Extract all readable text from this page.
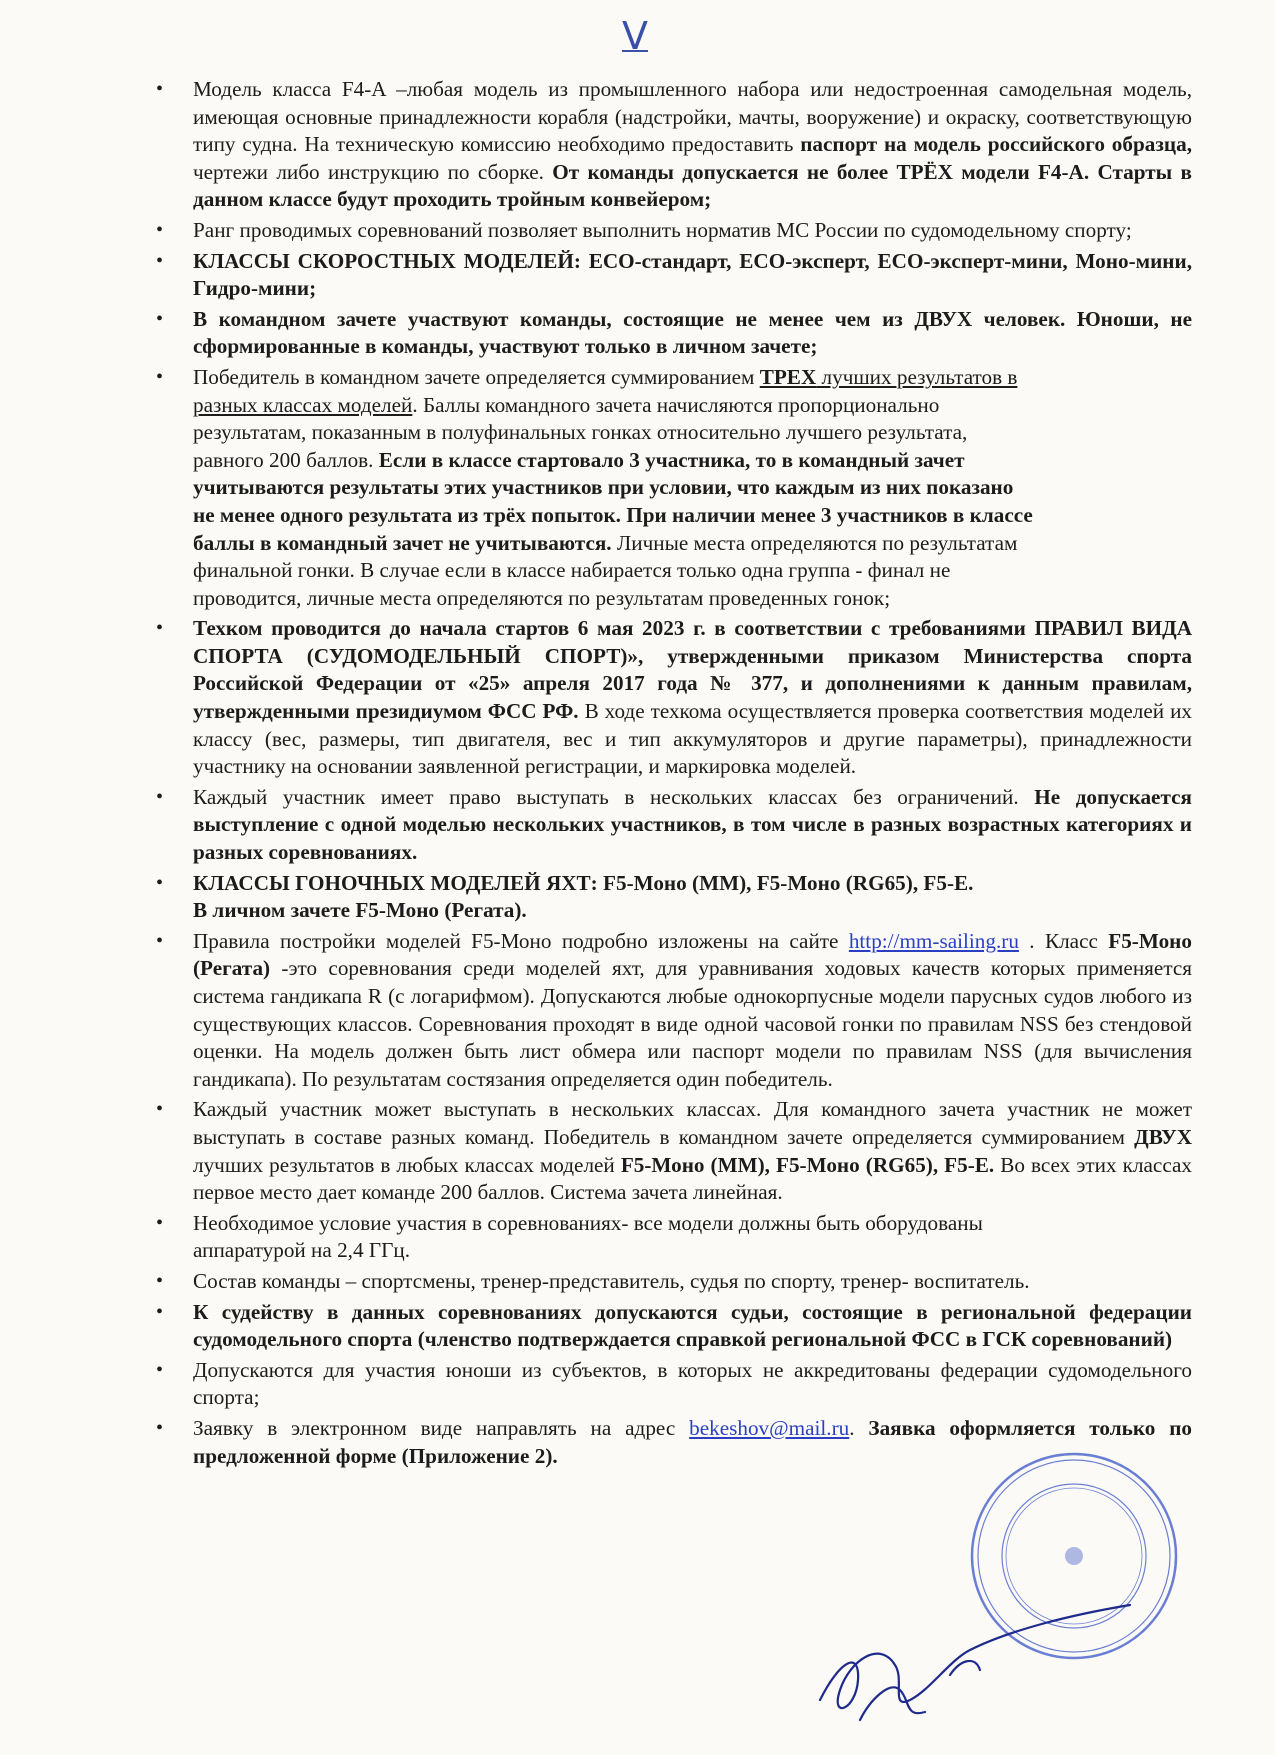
V
• Модель класса F4-A –любая модель из промышленного набора или недостроенная самодельная модель, имеющая основные принадлежности корабля (надстройки, мачты, вооружение) и окраску, соответствующую типу судна. На техническую комиссию необходимо предоставить паспорт на модель российского образца, чертежи либо инструкцию по сборке. От команды допускается не более ТРЁХ модели F4-A. Старты в данном классе будут проходить тройным конвейером;
• Ранг проводимых соревнований позволяет выполнить норматив МС России по судомодельному спорту;
• КЛАССЫ СКОРОСТНЫХ МОДЕЛЕЙ: ЕСО-стандарт, ЕСО-эксперт, ЕСО-эксперт-мини, Моно-мини, Гидро-мини;
• В командном зачете участвуют команды, состоящие не менее чем из ДВУХ человек. Юноши, не сформированные в команды, участвуют только в личном зачете;
• Победитель в командном зачете определяется суммированием ТРЕХ лучших результатов в
разных классах моделей. Баллы командного зачета начисляются пропорционально
результатам, показанным в полуфинальных гонках относительно лучшего результата,
равного 200 баллов. Если в классе стартовало 3 участника, то в командный зачет
учитываются результаты этих участников при условии, что каждым из них показано
не менее одного результата из трёх попыток. При наличии менее 3 участников в классе
баллы в командный зачет не учитываются. Личные места определяются по результатам
финальной гонки. В случае если в классе набирается только одна группа - финал не
проводится, личные места определяются по результатам проведенных гонок;
• Техком проводится до начала стартов 6 мая 2023 г. в соответствии с требованиями ПРАВИЛ ВИДА СПОРТА (СУДОМОДЕЛЬНЫЙ СПОРТ)», утвержденными приказом Министерства спорта Российской Федерации от «25» апреля 2017 года № 377, и дополнениями к данным правилам, утвержденными президиумом ФСС РФ. В ходе техкома осуществляется проверка соответствия моделей их классу (вес, размеры, тип двигателя, вес и тип аккумуляторов и другие параметры), принадлежности участнику на основании заявленной регистрации, и маркировка моделей.
• Каждый участник имеет право выступать в нескольких классах без ограничений. Не допускается выступление с одной моделью нескольких участников, в том числе в разных возрастных категориях и разных соревнованиях.
• КЛАССЫ ГОНОЧНЫХ МОДЕЛЕЙ ЯХТ: F5-Моно (ММ), F5-Моно (RG65), F5-E.
В личном зачете F5-Моно (Регата).
• Правила постройки моделей F5-Моно подробно изложены на сайте http://mm-sailing.ru . Класс F5-Моно (Регата) -это соревнования среди моделей яхт, для уравнивания ходовых качеств которых применяется система гандикапа R (с логарифмом). Допускаются любые однокорпусные модели парусных судов любого из существующих классов. Соревнования проходят в виде одной часовой гонки по правилам NSS без стендовой оценки. На модель должен быть лист обмера или паспорт модели по правилам NSS (для вычисления гандикапа). По результатам состязания определяется один победитель.
• Каждый участник может выступать в нескольких классах. Для командного зачета участник не может выступать в составе разных команд. Победитель в командном зачете определяется суммированием ДВУХ лучших результатов в любых классах моделей F5-Моно (ММ), F5-Моно (RG65), F5-E. Во всех этих классах первое место дает команде 200 баллов. Система зачета линейная.
• Необходимое условие участия в соревнованиях- все модели должны быть оборудованы
аппаратурой на 2,4 ГГц.
• Состав команды – спортсмены, тренер-представитель, судья по спорту, тренер- воспитатель.
• К судейству в данных соревнованиях допускаются судьи, состоящие в региональной федерации судомодельного спорта (членство подтверждается справкой региональной ФСС в ГСК соревнований)
• Допускаются для участия юноши из субъектов, в которых не аккредитованы федерации судомодельного спорта;
• Заявку в электронном виде направлять на адрес bekeshov@mail.ru. Заявка оформляется только по предложенной форме (Приложение 2).
